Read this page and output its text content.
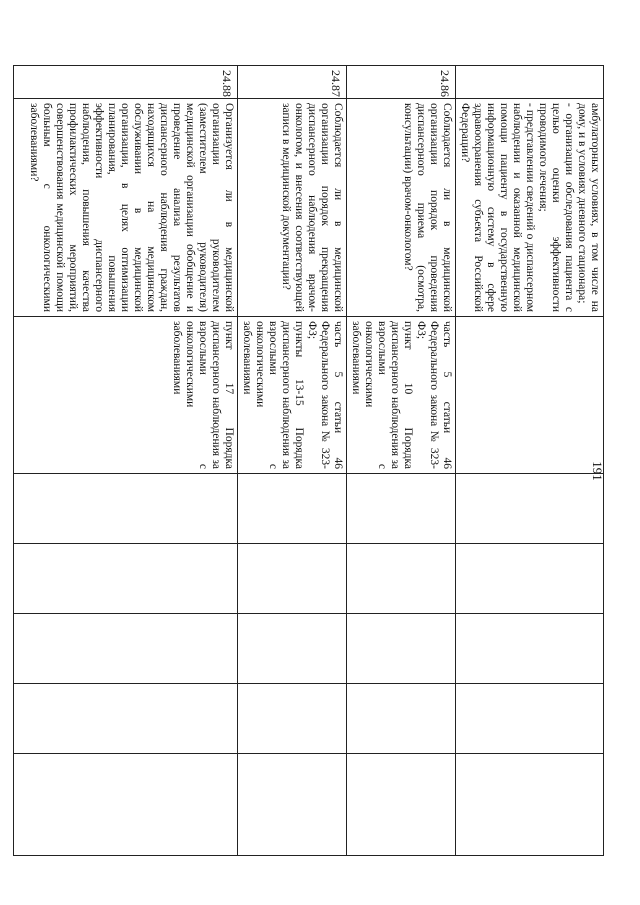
191

	амбулаторных условиях, в том числе на дому, и в условиях дневного стационара;
- организации обследования пациента с целью оценки эффективности проводимого лечения;
- представлении сведений о диспансерном наблюдении и оказанной медицинской помощи пациенту в государственную информационную систему в сфере здравоохранения субъекта Российской Федерации?						

24.86	Соблюдается ли в медицинской организации порядок проведения диспансерного приема (осмотра, консультации) врачом-онкологом?	часть 5 статьи 46 Федерального закона № 323-ФЗ;
пункт 10 Порядка диспансерного наблюдения за взрослыми с онкологическими заболеваниями					

24.87	Соблюдается ли в медицинской организации порядок прекращения диспансерного наблюдения врачом-онкологом, и внесения соответствующей записи в медицинской документации?	часть 5 статьи 46 Федерального закона № 323-ФЗ;
пункты 13-15 Порядка диспансерного наблюдения за взрослыми с онкологическими заболеваниями					

24.88	Организуется ли в медицинской организации руководителем (заместителем руководителя) медицинской организации обобщение и проведение анализа результатов диспансерного наблюдения граждан, находящихся на медицинском обслуживании в медицинской организации, в целях оптимизации планирования, повышения эффективности диспансерного наблюдения, повышения качества профилактических мероприятий, совершенствования медицинской помощи больным с онкологическими заболеваниями?	пункт 17 Порядка диспансерного наблюдения за взрослыми с онкологическими заболеваниями					
